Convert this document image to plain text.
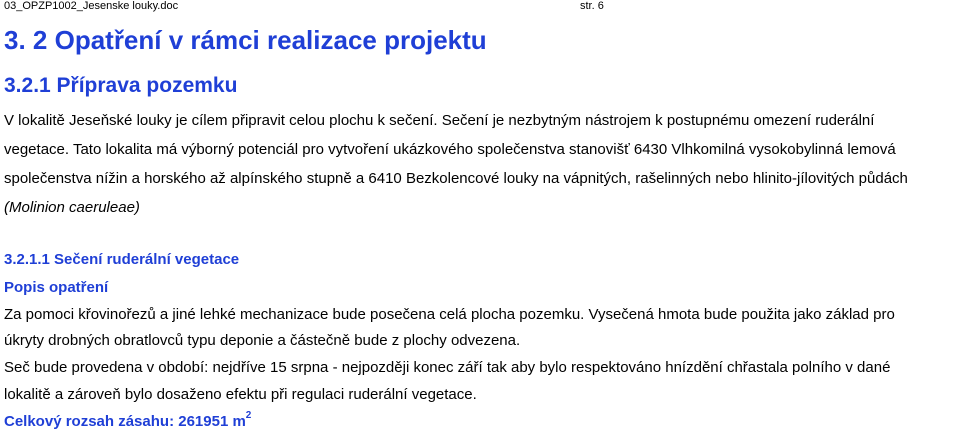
03_OPZP1002_Jesenske louky.doc	str. 6
3. 2 Opatření v rámci realizace projektu
3.2.1 Příprava pozemku
V lokalitě Jeseňské louky je cílem připravit celou plochu k sečení. Sečení je nezbytným nástrojem k postupnému omezení ruderální
vegetace. Tato lokalita má výborný potenciál pro vytvoření ukázkového společenstva stanovišť 6430 Vlhkomilná vysokobylinná lemová
společenstva nížin a horského až alpínského stupně a 6410 Bezkolencové louky na vápnitých, rašelinných nebo hlinito-jílovitých půdách
(Molinion caeruleae)
3.2.1.1 Sečení ruderální vegetace
Popis opatření
Za pomoci křovinořezů a jiné lehké mechanizace bude posečena celá plocha pozemku. Vysečená hmota bude použita jako základ pro
úkryty drobných obratlovců typu deponie a částečně bude z plochy odvezena.
Seč bude provedena v období: nejdříve 15 srpna - nejpozději konec září tak aby bylo respektováno hnízdění chřastala polního v dané
lokalitě a zároveň bylo dosaženo efektu při regulaci ruderální vegetace.
Celkový rozsah zásahu: 261951 $m^2$
